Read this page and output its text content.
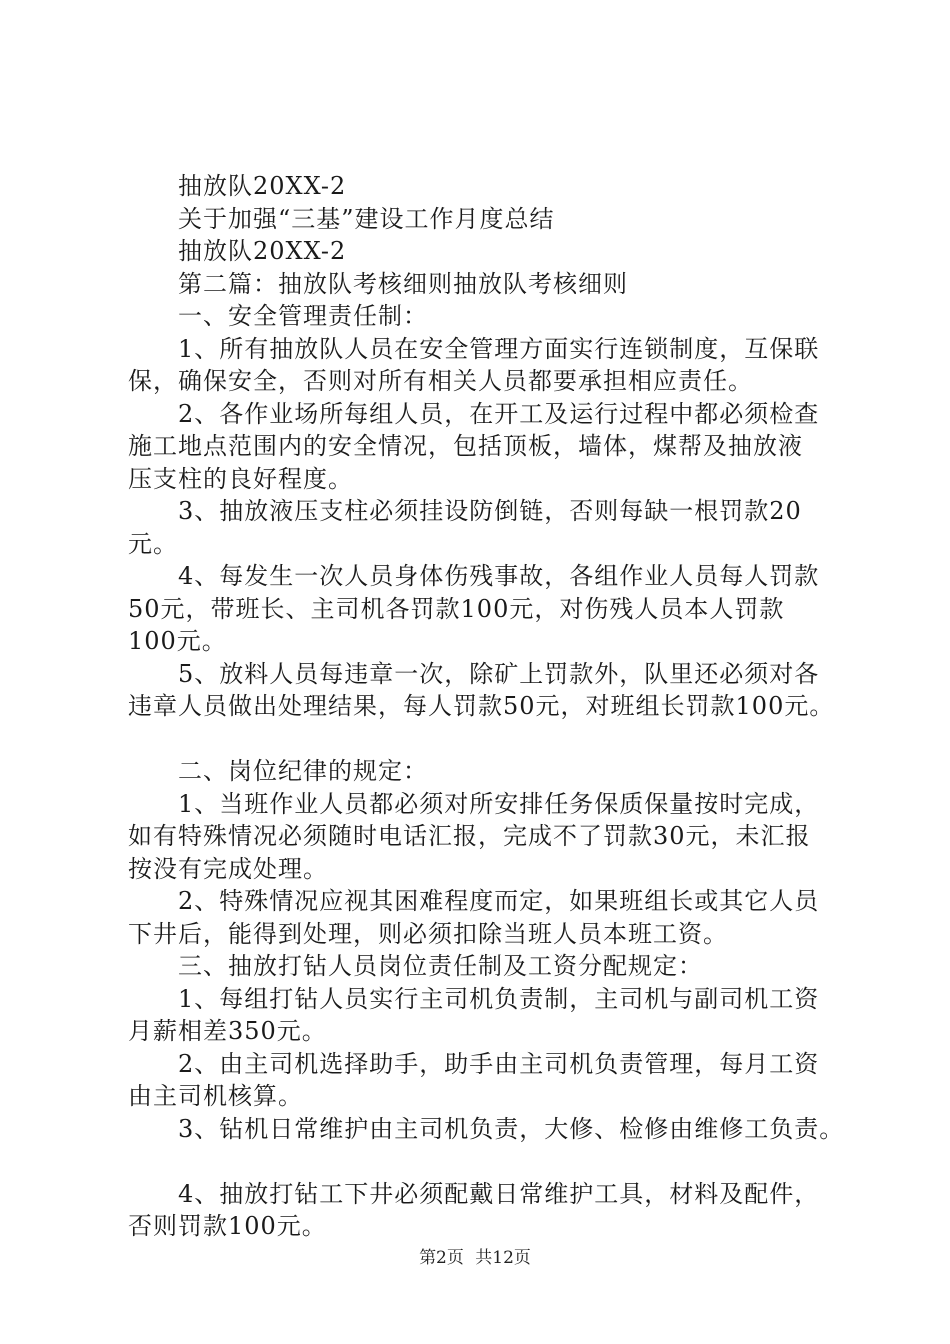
抽放队20XX-2
关于加强“三基”建设工作月度总结
抽放队20XX-2
第二篇：抽放队考核细则抽放队考核细则
一、安全管理责任制：
1、所有抽放队人员在安全管理方面实行连锁制度，互保联
保，确保安全，否则对所有相关人员都要承担相应责任。
2、各作业场所每组人员，在开工及运行过程中都必须检查
施工地点范围内的安全情况，包括顶板，墙体，煤帮及抽放液
压支柱的良好程度。
3、抽放液压支柱必须挂设防倒链，否则每缺一根罚款20
元。
4、每发生一次人员身体伤残事故，各组作业人员每人罚款
50元，带班长、主司机各罚款100元，对伤残人员本人罚款
100元。
5、放料人员每违章一次，除矿上罚款外，队里还必须对各
违章人员做出处理结果，每人罚款50元，对班组长罚款100元。
二、岗位纪律的规定：
1、当班作业人员都必须对所安排任务保质保量按时完成，
如有特殊情况必须随时电话汇报，完成不了罚款30元，未汇报
按没有完成处理。
2、特殊情况应视其困难程度而定，如果班组长或其它人员
下井后，能得到处理，则必须扣除当班人员本班工资。
三、抽放打钻人员岗位责任制及工资分配规定：
1、每组打钻人员实行主司机负责制，主司机与副司机工资
月薪相差350元。
2、由主司机选择助手，助手由主司机负责管理，每月工资
由主司机核算。
3、钻机日常维护由主司机负责，大修、检修由维修工负责。
4、抽放打钻工下井必须配戴日常维护工具，材料及配件，
否则罚款100元。
第2页 共12页
